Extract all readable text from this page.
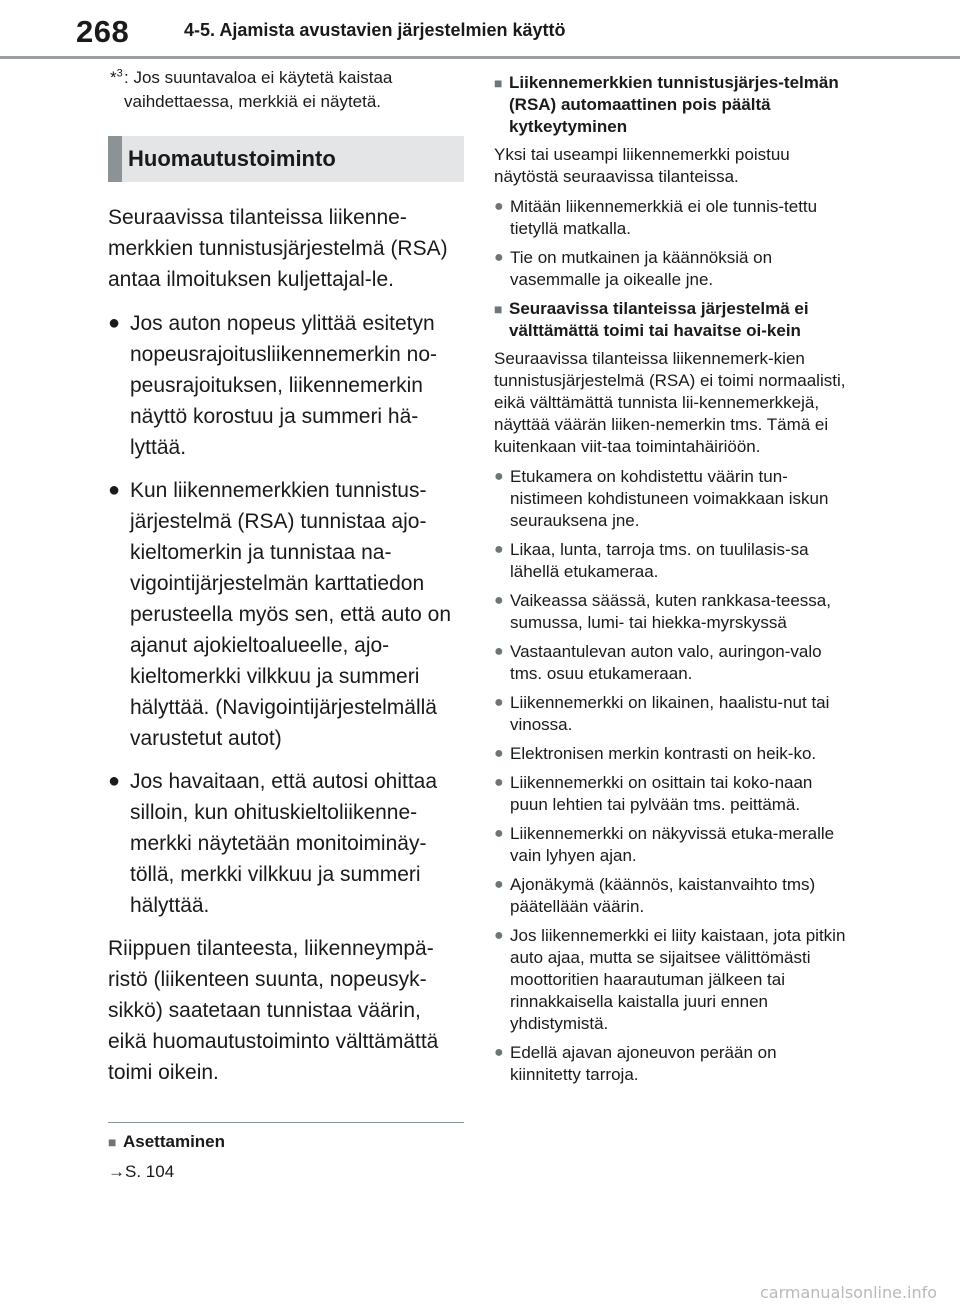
268	4-5. Ajamista avustavien järjestelmien käyttö
*$^3$ : Jos suuntavaloa ei käytetä kaistaa vaihdettaessa, merkkiä ei näytetä.
Huomautustoiminto

Seuraavissa tilanteissa liikenne-merkkien tunnistusjärjestelmä (RSA) antaa ilmoituksen kuljettajal-le.

● Jos auton nopeus ylittää esitetyn nopeusrajoitusliikennemerkin no-peusrajoituksen, liikennemerkin näyttö korostuu ja summeri hä-lyttää.
● Kun liikennemerkkien tunnistus-järjestelmä (RSA) tunnistaa ajo-kieltomerkin ja tunnistaa na-vigointijärjestelmän karttatiedon perusteella myös sen, että auto on ajanut ajokieltoalueelle, ajo-kieltomerkki vilkkuu ja summeri hälyttää. (Navigointijärjestelmällä varustetut autot)
● Jos havaitaan, että autosi ohittaa silloin, kun ohituskieltoliikenne-merkki näytetään monitoiminäy-töllä, merkki vilkkuu ja summeri hälyttää.

Riippuen tilanteesta, liikenneympä-ristö (liikenteen suunta, nopeusyk-sikkö) saatetaan tunnistaa väärin, eikä huomautustoiminto välttämättä toimi oikein.

■ Asettaminen
→S. 104
■ Liikennemerkkien tunnistusjärjes-telmän (RSA) automaattinen pois päältä kytkeytyminen
Yksi tai useampi liikennemerkki poistuu näytöstä seuraavissa tilanteissa.
● Mitään liikennemerkkiä ei ole tunnis-tettu tietyllä matkalla.
● Tie on mutkainen ja käännöksiä on vasemmalle ja oikealle jne.
■ Seuraavissa tilanteissa järjestelmä ei välttämättä toimi tai havaitse oi-kein
Seuraavissa tilanteissa liikennemerk-kien tunnistusjärjestelmä (RSA) ei toimi normaalisti, eikä välttämättä tunnista lii-kennemerkkejä, näyttää väärän liiken-nemerkin tms. Tämä ei kuitenkaan viit-taa toimintahäiriöön.
● Etukamera on kohdistettu väärin tun-nistimeen kohdistuneen voimakkaan iskun seurauksena jne.
● Likaa, lunta, tarroja tms. on tuulilasis-sa lähellä etukameraa.
● Vaikeassa säässä, kuten rankkasa-teessa, sumussa, lumi- tai hiekka-myrskyssä
● Vastaantulevan auton valo, auringon-valo tms. osuu etukameraan.
● Liikennemerkki on likainen, haalistu-nut tai vinossa.
● Elektronisen merkin kontrasti on heik-ko.
● Liikennemerkki on osittain tai koko-naan puun lehtien tai pylvään tms. peittämä.
● Liikennemerkki on näkyvissä etuka-meralle vain lyhyen ajan.
● Ajonäkymä (käännös, kaistanvaihto tms) päätellään väärin.
● Jos liikennemerkki ei liity kaistaan, jota pitkin auto ajaa, mutta se sijaitsee välittömästi moottoritien haarautuman jälkeen tai rinnakkaisella kaistalla juuri ennen yhdistymistä.
● Edellä ajavan ajoneuvon perään on kiinnitetty tarroja.
carmanualsonline.info
